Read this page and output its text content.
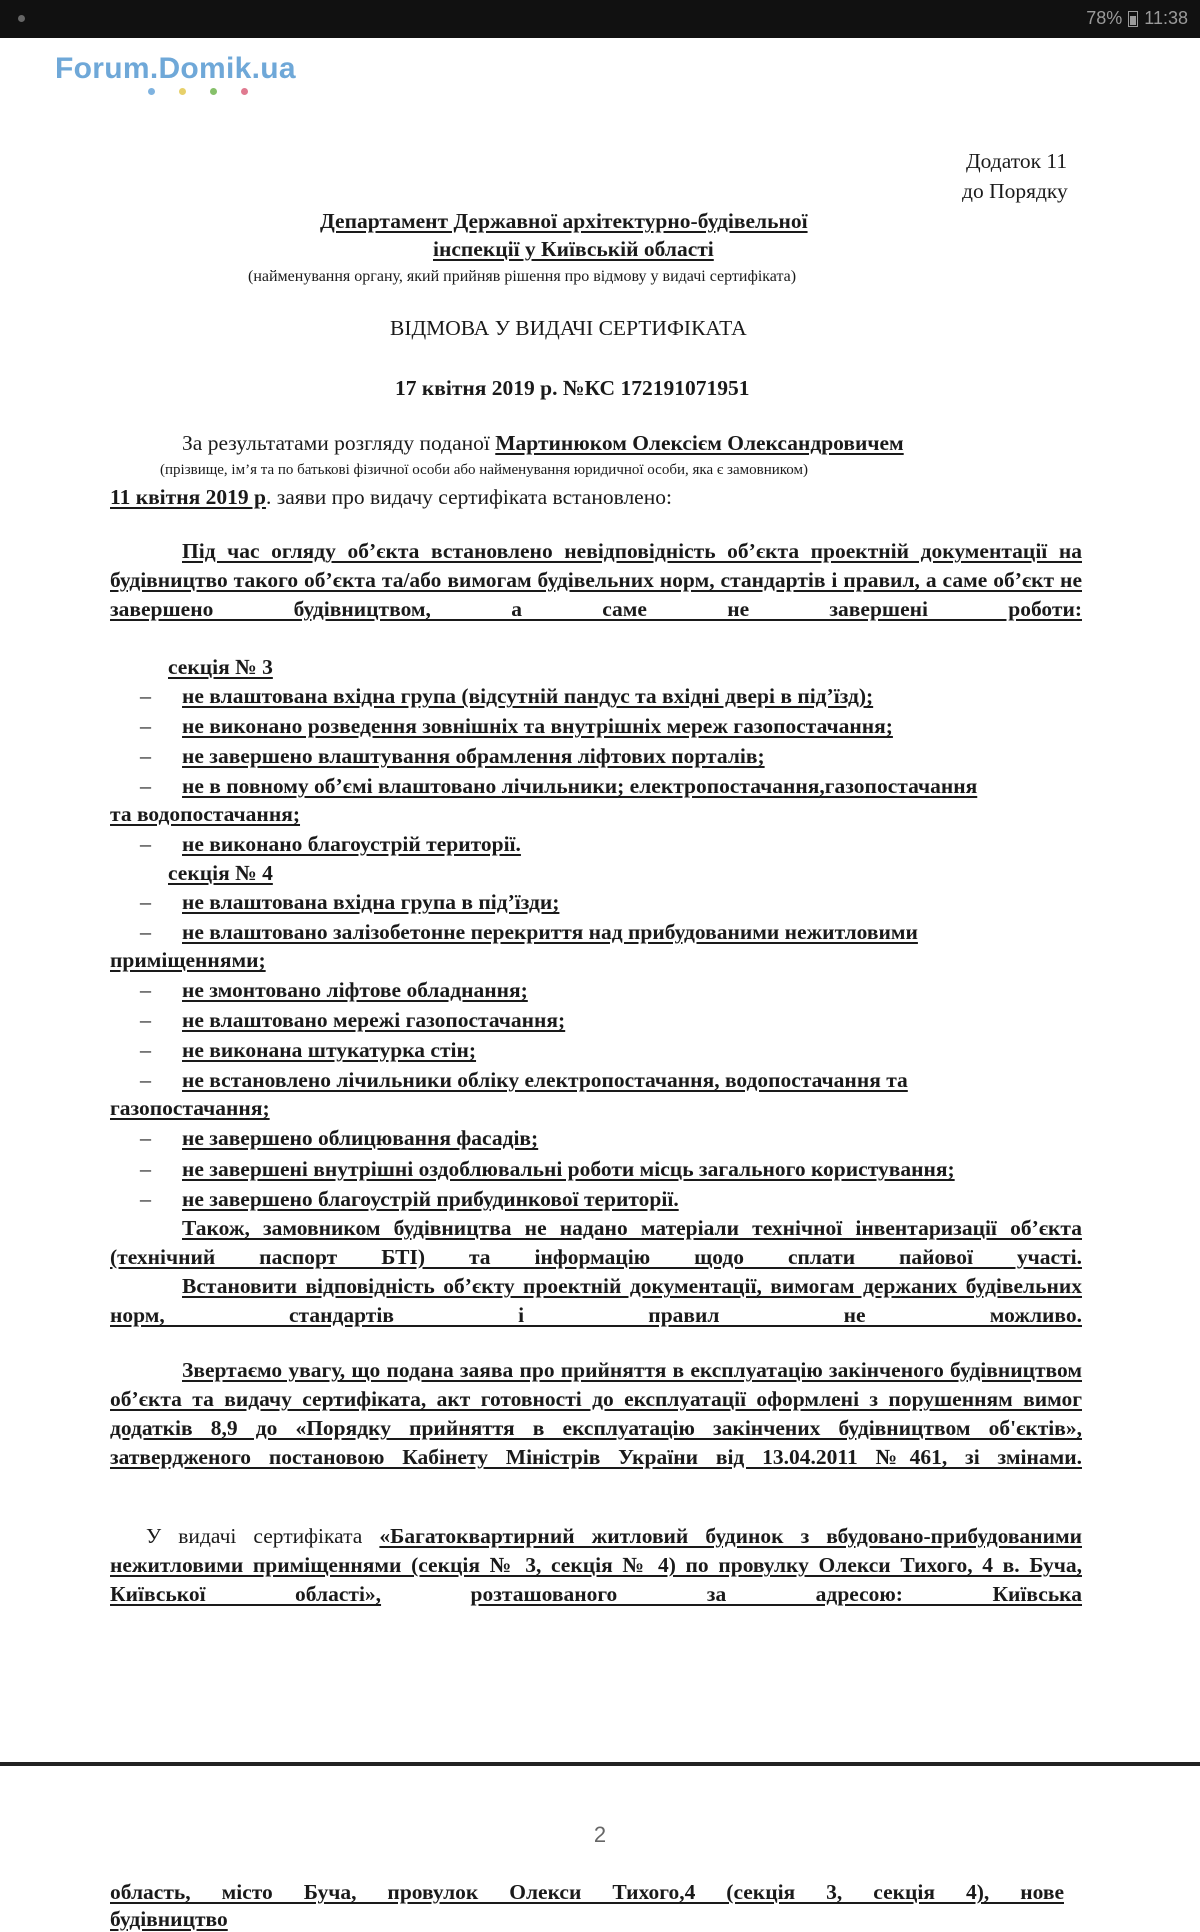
78% 11:38
Forum.Domik.ua
Додаток 11
до Порядку
Департамент Державної архітектурно-будівельної
інспекції у Київській області
(найменування органу, який прийняв рішення про відмову у видачі сертифіката)
ВІДМОВА У ВИДАЧІ СЕРТИФІКАТА
17 квітня 2019 р. №КС 172191071951
За результатами розгляду поданої Мартинюком Олексієм Олександровичем
(прізвище, ім’я та по батькові фізичної особи або найменування юридичної особи, яка є замовником)
11 квітня 2019 р. заяви про видачу сертифіката встановлено:
Під час огляду об’єкта встановлено невідповідність об’єкта проектній документації на будівництво такого об’єкта та/або вимогам будівельних норм, стандартів і правил, а саме об’єкт не завершено будівництвом, а саме не завершені роботи:
секція № 3
– не влаштована вхідна група (відсутній пандус та вхідні двері в під’їзд);
– не виконано розведення зовнішніх та внутрішніх мереж газопостачання;
– не завершено влаштування обрамлення ліфтових порталів;
– не в повному об’ємі влаштовано лічильники; електропостачання,газопостачання
та водопостачання;
– не виконано благоустрій території.
секція № 4
– не влаштована вхідна група в під’їзди;
– не влаштовано залізобетонне перекриття над прибудованими нежитловими
приміщеннями;
– не змонтовано ліфтове обладнання;
– не влаштовано мережі газопостачання;
– не виконана штукатурка стін;
– не встановлено лічильники обліку електропостачання, водопостачання та
газопостачання;
– не завершено облицювання фасадів;
– не завершені внутрішні оздоблювальні роботи місць загального користування;
– не завершено благоустрій прибудинкової території.
Також, замовником будівництва не надано матеріали технічної інвентаризації об’єкта (технічний паспорт БТІ) та інформацію щодо сплати пайової участі.
Встановити відповідність об’єкту проектній документації, вимогам держаних будівельних норм, стандартів і правил не можливо.
Звертаємо увагу, що подана заява про прийняття в експлуатацію закінченого будівництвом об’єкта та видачу сертифіката, акт готовності до експлуатації оформлені з порушенням вимог додатків 8,9 до «Порядку прийняття в експлуатацію закінчених будівництвом об'єктів», затвердженого постановою Кабінету Міністрів України від 13.04.2011 №461, зі змінами.
У видачі сертифіката «Багатоквартирний житловий будинок з вбудовано-прибудованими нежитловими приміщеннями (секція № 3, секція № 4) по провулку Олекси Тихого, 4 в. Буча, Київської області»,	розташованого за адресою: Київська
2
область, місто Буча, провулок Олекси Тихого,4 (секція 3, секція 4), нове
будівництво
